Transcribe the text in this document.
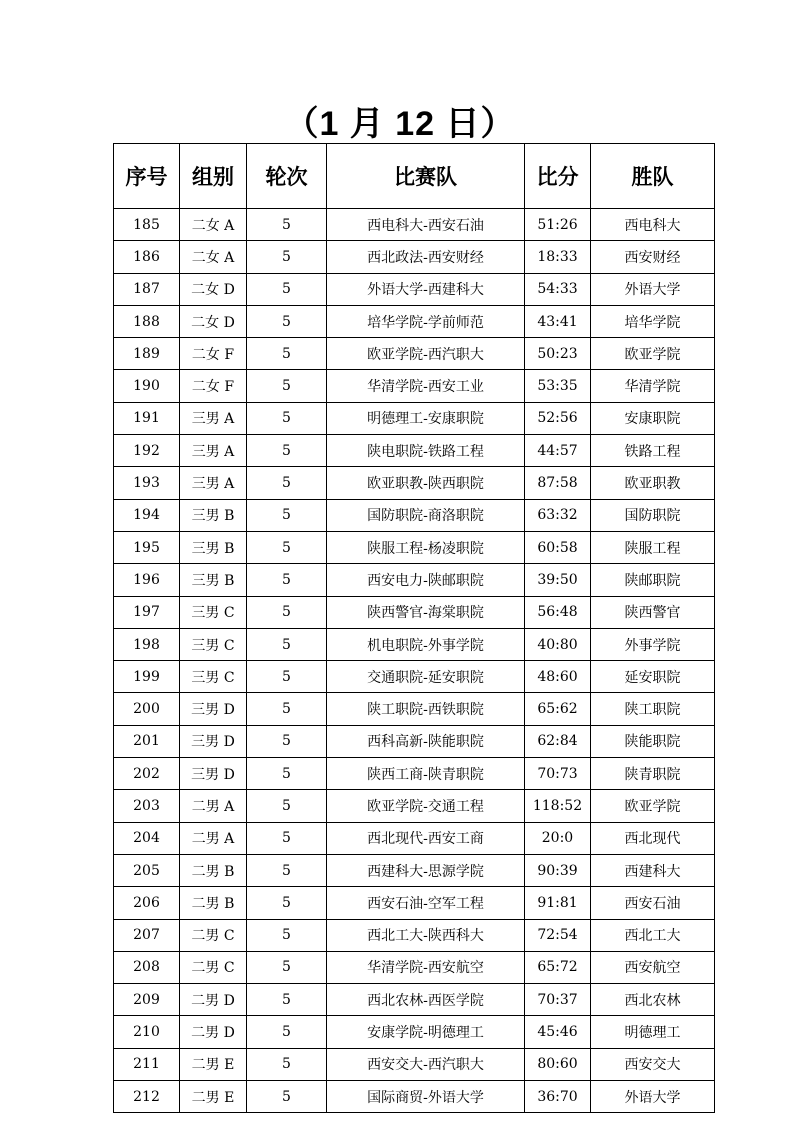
（1 月 12 日）
序号	组别	轮次	比赛队	比分	胜队
185	二女 A	5	西电科大-西安石油	51:26	西电科大
186	二女 A	5	西北政法-西安财经	18:33	西安财经
187	二女 D	5	外语大学-西建科大	54:33	外语大学
188	二女 D	5	培华学院-学前师范	43:41	培华学院
189	二女 F	5	欧亚学院-西汽职大	50:23	欧亚学院
190	二女 F	5	华清学院-西安工业	53:35	华清学院
191	三男 A	5	明德理工-安康职院	52:56	安康职院
192	三男 A	5	陕电职院-铁路工程	44:57	铁路工程
193	三男 A	5	欧亚职教-陕西职院	87:58	欧亚职教
194	三男 B	5	国防职院-商洛职院	63:32	国防职院
195	三男 B	5	陕服工程-杨凌职院	60:58	陕服工程
196	三男 B	5	西安电力-陕邮职院	39:50	陕邮职院
197	三男 C	5	陕西警官-海棠职院	56:48	陕西警官
198	三男 C	5	机电职院-外事学院	40:80	外事学院
199	三男 C	5	交通职院-延安职院	48:60	延安职院
200	三男 D	5	陕工职院-西铁职院	65:62	陕工职院
201	三男 D	5	西科高新-陕能职院	62:84	陕能职院
202	三男 D	5	陕西工商-陕青职院	70:73	陕青职院
203	二男 A	5	欧亚学院-交通工程	118:52	欧亚学院
204	二男 A	5	西北现代-西安工商	20:0	西北现代
205	二男 B	5	西建科大-思源学院	90:39	西建科大
206	二男 B	5	西安石油-空军工程	91:81	西安石油
207	二男 C	5	西北工大-陕西科大	72:54	西北工大
208	二男 C	5	华清学院-西安航空	65:72	西安航空
209	二男 D	5	西北农林-西医学院	70:37	西北农林
210	二男 D	5	安康学院-明德理工	45:46	明德理工
211	二男 E	5	西安交大-西汽职大	80:60	西安交大
212	二男 E	5	国际商贸-外语大学	36:70	外语大学
